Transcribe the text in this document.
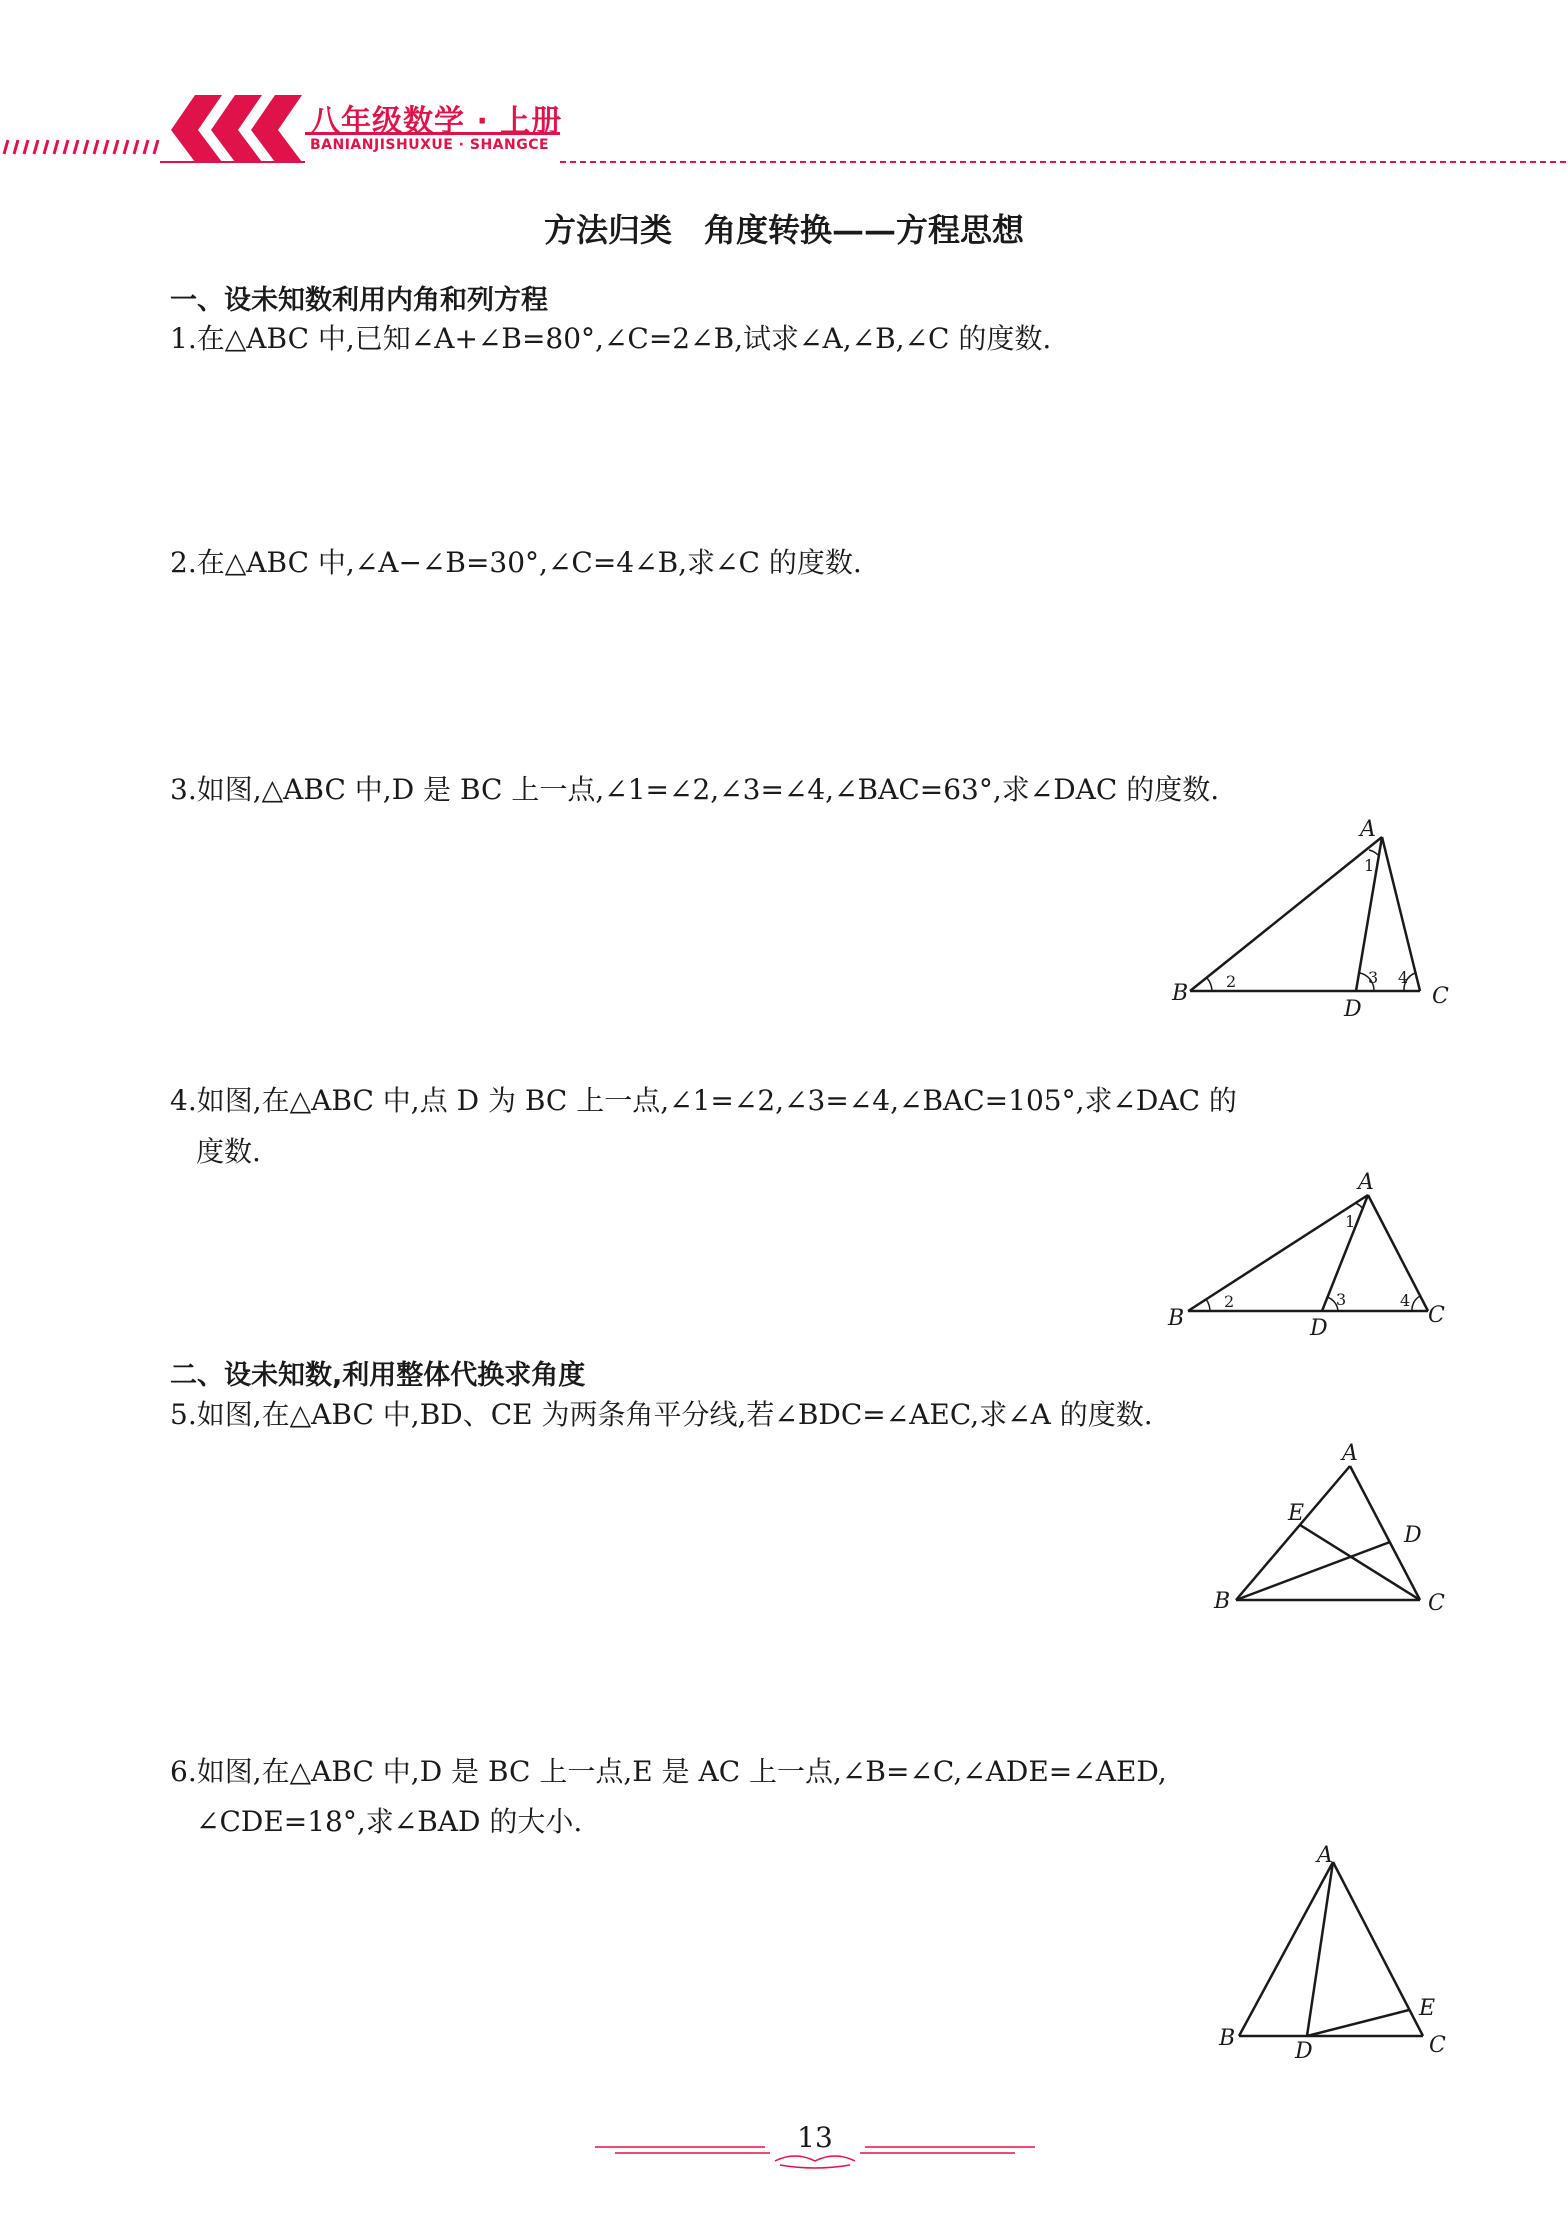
八年级数学 · 上册
BANIANJISHUXUE · SHANGCE
方法归类　角度转换——方程思想
一、设未知数利用内角和列方程
1.在△ABC 中,已知∠A+∠B=80°,∠C=2∠B,试求∠A,∠B,∠C 的度数.
2.在△ABC 中,∠A−∠B=30°,∠C=4∠B,求∠C 的度数.
3.如图,△ABC 中,D 是 BC 上一点,∠1=∠2,∠3=∠4,∠BAC=63°,求∠DAC 的度数.
A
B	C
D
1
2	3 4
4.如图,在△ABC 中,点 D 为 BC 上一点,∠1=∠2,∠3=∠4,∠BAC=105°,求∠DAC 的
度数.
A
B	C
D
1
2	3	4
二、设未知数,利用整体代换求角度
5.如图,在△ABC 中,BD、CE 为两条角平分线,若∠BDC=∠AEC,求∠A 的度数.
A
B	C
D
E
6.如图,在△ABC 中,D 是 BC 上一点,E 是 AC 上一点,∠B=∠C,∠ADE=∠AED,
∠CDE=18°,求∠BAD 的大小.
A
B	C
D
E
13
